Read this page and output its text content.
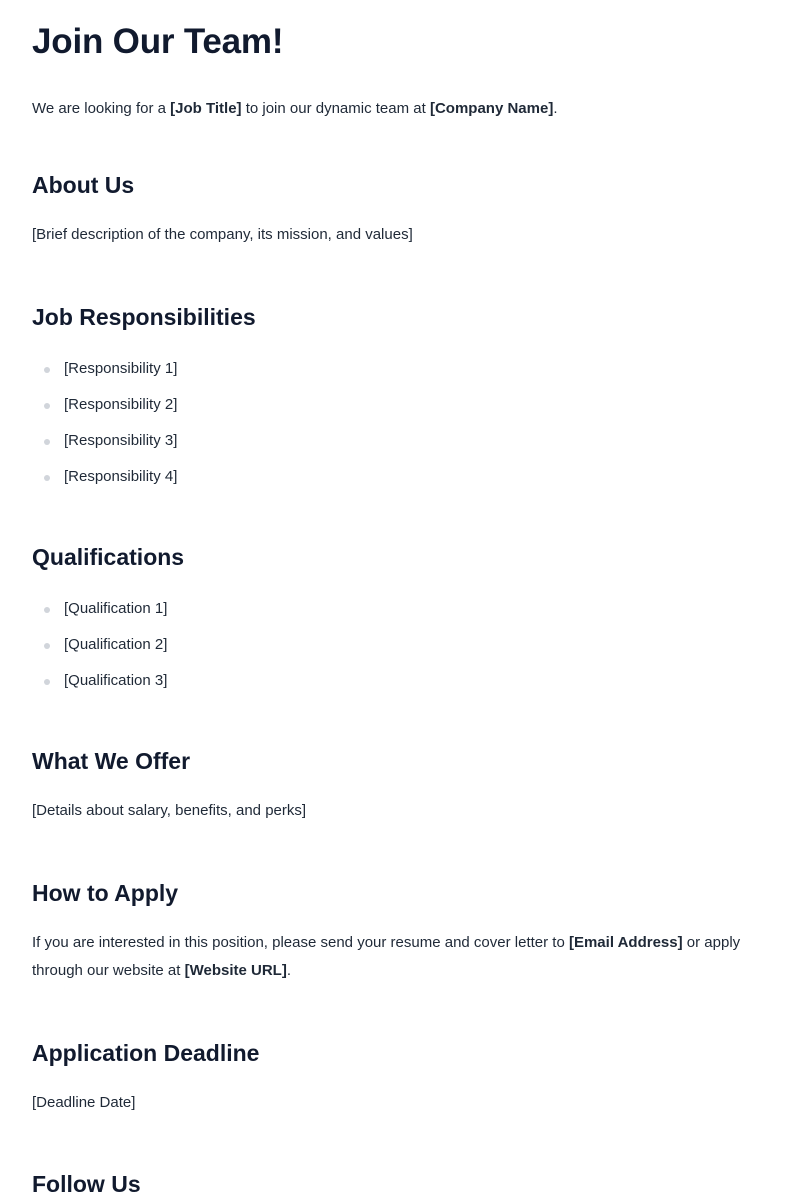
Join Our Team!
We are looking for a [Job Title] to join our dynamic team at [Company Name].
About Us

[Brief description of the company, its mission, and values]

Job Responsibilities
[Responsibility 1]
[Responsibility 2]
[Responsibility 3]
[Responsibility 4]
Qualifications
[Qualification 1]
[Qualification 2]
[Qualification 3]
What We Offer

[Details about salary, benefits, and perks]

How to Apply

If you are interested in this position, please send your resume and cover letter to [Email Address] or apply through our website at [Website URL].

Application Deadline

[Deadline Date]

Follow Us
